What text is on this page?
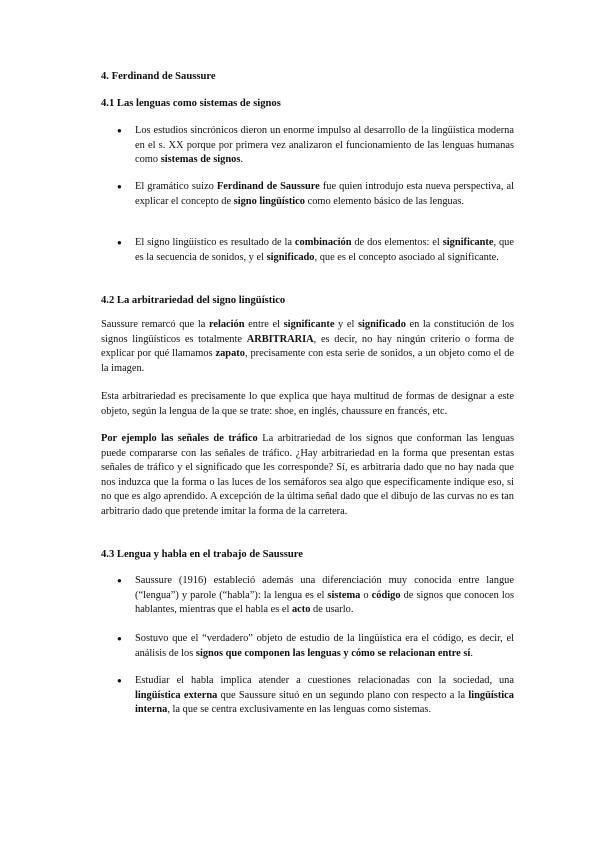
4. Ferdinand de Saussure

4.1 Las lenguas como sistemas de signos

●	Los estudios sincrónicos dieron un enorme impulso al desarrollo de la lingüística moderna en el s. XX porque por primera vez analizaron el funcionamiento de las lenguas humanas como sistemas de signos.
●	El gramático suizo Ferdinand de Saussure fue quien introdujo esta nueva perspectiva, al explicar el concepto de signo lingüístico como elemento básico de las lenguas.
●	El signo lingüístico es resultado de la combinación de dos elementos: el significante, que es la secuencia de sonidos, y el significado, que es el concepto asociado al significante.

4.2 La arbitrariedad del signo lingüístico

Saussure remarcó que la relación entre el significante y el significado en la constitución de los signos lingüísticos es totalmente ARBITRARIA, es decir, no hay ningún criterio o forma de explicar por qué llamamos zapato, precisamente con esta serie de sonidos, a un objeto como el de la imagen.

Esta arbitrariedad es precisamente lo que explica que haya multitud de formas de designar a este objeto, según la lengua de la que se trate: shoe, en inglés, chaussure en francés, etc.

Por ejemplo las señales de tráfico La arbitrariedad de los signos que conforman las lenguas puede compararse con las señales de tráfico. ¿Hay arbitrariedad en la forma que presentan estas señales de tráfico y el significado que les corresponde? Sí, es arbitraria dado que no hay nada que nos induzca que la forma o las luces de los semáforos sea algo que específicamente indique eso, si no que es algo aprendido. A excepción de la última señal dado que el dibujo de las curvas no es tan arbitrario dado que pretende imitar la forma de la carretera.

4.3 Lengua y habla en el trabajo de Saussure

●	Saussure (1916) estableció además una diferenciación muy conocida entre langue (“lengua”) y parole (“habla”): la lengua es el sistema o código de signos que conocen los hablantes, mientras que el habla es el acto de usarlo.
●	Sostuvo que el “verdadero” objeto de estudio de la lingüística era el código, es decir, el análisis de los signos que componen las lenguas y cómo se relacionan entre sí.
●	Estudiar el habla implica atender a cuestiones relacionadas con la sociedad, una lingüística externa que Saussure situó en un segundo plano con respecto a la lingüística interna, la que se centra exclusivamente en las lenguas como sistemas.
